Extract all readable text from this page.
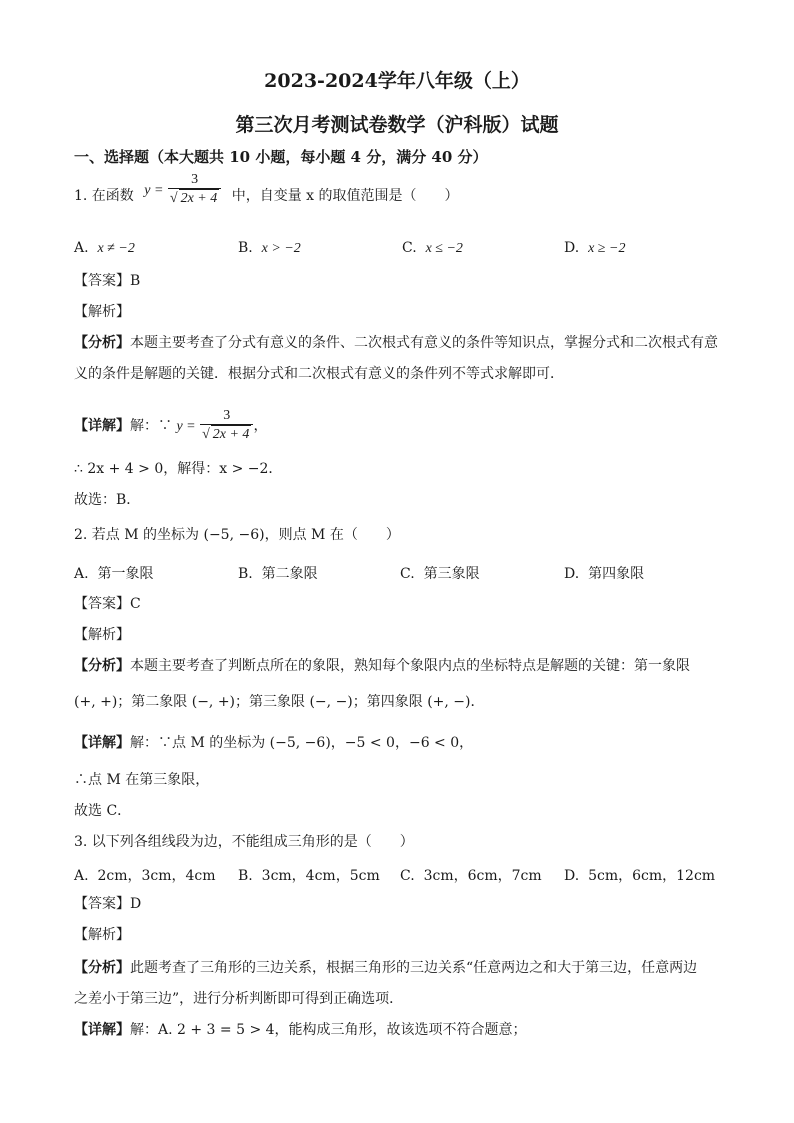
2023-2024学年八年级（上）
第三次月考测试卷数学（沪科版）试题
一、选择题（本大题共 10 小题，每小题 4 分，满分 40 分）
1. 在函数 $y = \frac{3}{√ 2x + 4}$ 中，自变量 x 的取值范围是（　　）
A. x ≠ −2	B. x > −2	C. x ≤ −2	D. x ≥ −2
【答案】B
【解析】
【分析】本题主要考查了分式有意义的条件、二次根式有意义的条件等知识点，掌握分式和二次根式有意
义的条件是解题的关键．根据分式和二次根式有意义的条件列不等式求解即可．
【详解】解：∵ $y = \frac{3}{√ 2x + 4}$ ，
∴ 2x + 4 > 0，解得：x > −2．
故选：B．
2. 若点 M 的坐标为 (−5, −6)，则点 M 在（　　）
A. 第一象限	B. 第二象限	C. 第三象限	D. 第四象限
【答案】C
【解析】
【分析】本题主要考查了判断点所在的象限，熟知每个象限内点的坐标特点是解题的关键：第一象限
(+, +)；第二象限 (−, +)；第三象限 (−, −)；第四象限 (+, −)．
【详解】解：∵点 M 的坐标为 (−5, −6)，−5 < 0，−6 < 0，
∴点 M 在第三象限，
故选 C．
3. 以下列各组线段为边，不能组成三角形的是（　　）
A. 2cm，3cm，4cm B. 3cm，4cm，5cm C. 3cm，6cm，7cm D. 5cm，6cm，12cm
【答案】D
【解析】
【分析】此题考查了三角形的三边关系，根据三角形的三边关系“任意两边之和大于第三边，任意两边
之差小于第三边”，进行分析判断即可得到正确选项．
【详解】解：A. 2 + 3 = 5 > 4，能构成三角形，故该选项不符合题意；
